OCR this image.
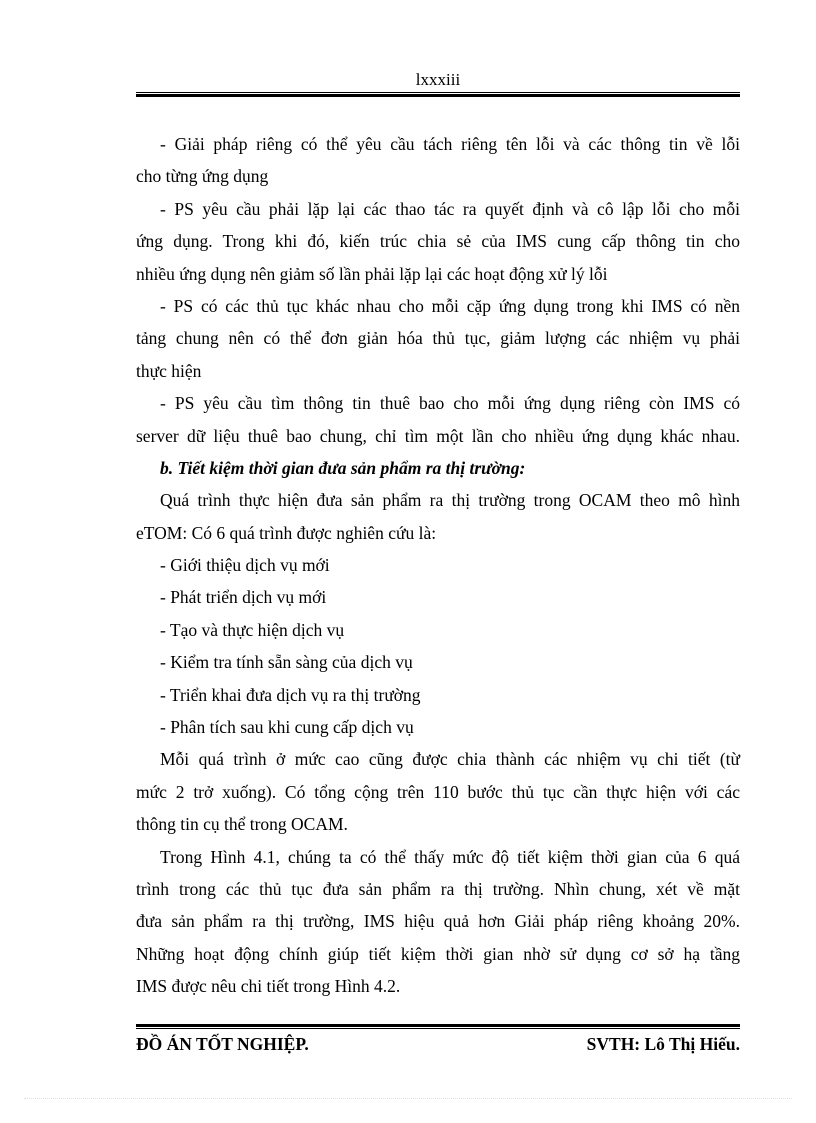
lxxxiii
- Giải pháp riêng có thể yêu cầu tách riêng tên lỗi và các thông tin về lỗi
cho từng ứng dụng
- PS yêu cầu phải lặp lại các thao tác ra quyết định và cô lập lỗi cho mỗi
ứng dụng. Trong khi đó, kiến trúc chia sẻ của IMS cung cấp thông tin cho
nhiều ứng dụng nên giảm số lần phải lặp lại các hoạt động xử lý lỗi
- PS có các thủ tục khác nhau cho mỗi cặp ứng dụng trong khi IMS có nền
tảng chung nên có thể đơn giản hóa thủ tục, giảm lượng các nhiệm vụ phải
thực hiện
- PS yêu cầu tìm thông tin thuê bao cho mỗi ứng dụng riêng còn IMS có
server dữ liệu thuê bao chung, chỉ tìm một lần cho nhiều ứng dụng khác nhau.
b. Tiết kiệm thời gian đưa sản phẩm ra thị trường:
Quá trình thực hiện đưa sản phẩm ra thị trường trong OCAM theo mô hình
eTOM: Có 6 quá trình được nghiên cứu là:
- Giới thiệu dịch vụ mới
- Phát triển dịch vụ mới
- Tạo và thực hiện dịch vụ
- Kiểm tra tính sẵn sàng của dịch vụ
- Triển khai đưa dịch vụ ra thị trường
- Phân tích sau khi cung cấp dịch vụ
Mỗi quá trình ở mức cao cũng được chia thành các nhiệm vụ chi tiết (từ
mức 2 trở xuống). Có tổng cộng trên 110 bước thủ tục cần thực hiện với các
thông tin cụ thể trong OCAM.
Trong Hình 4.1, chúng ta có thể thấy mức độ tiết kiệm thời gian của 6 quá
trình trong các thủ tục đưa sản phẩm ra thị trường. Nhìn chung, xét về mặt
đưa sản phẩm ra thị trường, IMS hiệu quả hơn Giải pháp riêng khoảng 20%.
Những hoạt động chính giúp tiết kiệm thời gian nhờ sử dụng cơ sở hạ tầng
IMS được nêu chi tiết trong Hình 4.2.
ĐỒ ÁN TỐT NGHIỆP.	SVTH: Lô Thị Hiếu.
